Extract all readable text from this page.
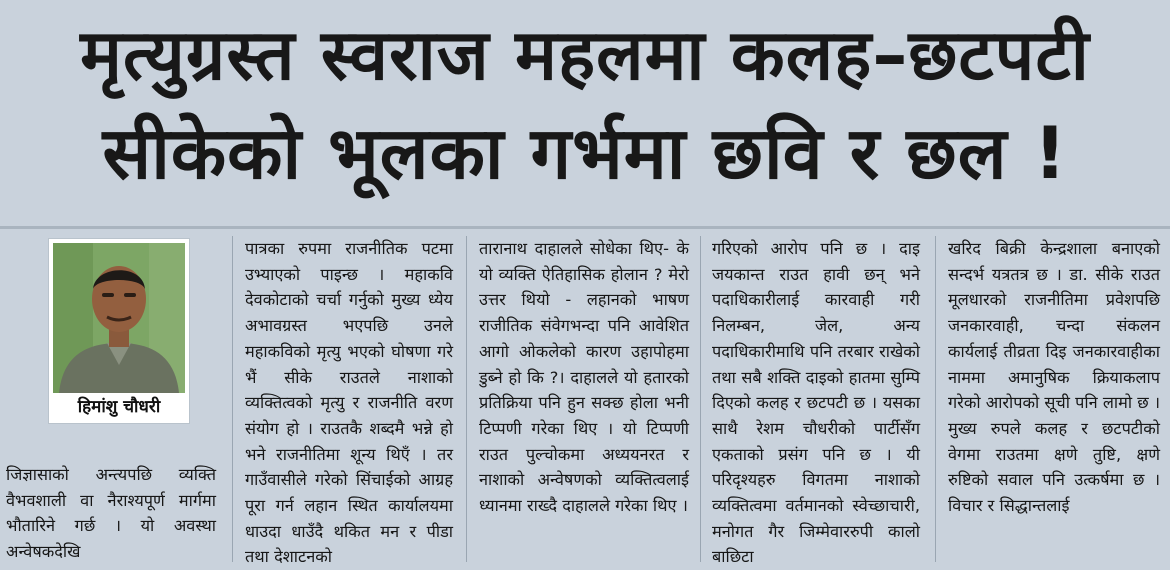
मृत्युग्रस्त स्वराज महलमा कलह–छटपटी
सीकेको भूलका गर्भमा छवि र छल !
हिमांशु चौधरी

जिज्ञासाको अन्त्यपछि व्यक्ति वैभवशाली वा नैराश्यपूर्ण मार्गमा भौतारिने गर्छ । यो अवस्था अन्वेषकदेखि

पात्रका रुपमा राजनीतिक पटमा उभ्याएको पाइन्छ । महाकवि देवकोटाको चर्चा गर्नुको मुख्य ध्येय अभावग्रस्त भएपछि उनले महाकविको मृत्यु भएको घोषणा गरे भैं सीके राउतले नाशाको व्यक्तित्वको मृत्यु र राजनीति वरण संयोग हो । राउतकै शब्दमै भन्ने हो भने राजनीतिमा शून्य थिएँ । तर गाउँवासीले गरेको सिंचाईको आग्रह पूरा गर्न लहान स्थित कार्यालयमा धाउदा धाउँदै थकित मन र पीडा तथा देशाटनको

तारानाथ दाहालले सोधेका थिए- के यो व्यक्ति ऐतिहासिक होलान ? मेरो उत्तर थियो - लहानको भाषण राजीतिक संवेगभन्दा पनि आवेशित आगो ओकलेको कारण उहापोहमा डुब्ने हो कि ?। दाहालले यो हतारको प्रतिक्रिया पनि हुन सक्छ होला भनी टिप्पणी गरेका थिए । यो टिप्पणी राउत पुल्चोकमा अध्ययनरत र नाशाको अन्वेषणको व्यक्तित्वलाई ध्यानमा राख्दै दाहालले गरेका थिए ।

गरिएको आरोप पनि छ । दाइ जयकान्त राउत हावी छन् भने पदाधिकारीलाई कारवाही गरी निलम्बन, जेल, अन्य पदाधिकारीमाथि पनि तरबार राखेको तथा सबै शक्ति दाइको हातमा सुम्पि दिएको कलह र छटपटी छ । यसका साथै रेशम चौधरीको पार्टीसँग एकताको प्रसंग पनि छ । यी परिदृश्यहरु विगतमा नाशाको व्यक्तित्वमा वर्तमानको स्वेच्छाचारी, मनोगत गैर जिम्मेवाररुपी कालो बाछिटा

खरिद बिक्री केन्द्रशाला बनाएको सन्दर्भ यत्रतत्र छ । डा. सीके राउत मूलधारको राजनीतिमा प्रवेशपछि जनकारवाही, चन्दा संकलन कार्यलाई तीव्रता दिइ जनकारवाहीका नाममा अमानुषिक क्रियाकलाप गरेको आरोपको सूची पनि लामो छ । मुख्य रुपले कलह र छटपटीको वेगमा राउतमा क्षणे तुष्टि, क्षणे रुष्टिको सवाल पनि उत्कर्षमा छ । विचार र सिद्धान्तलाई
